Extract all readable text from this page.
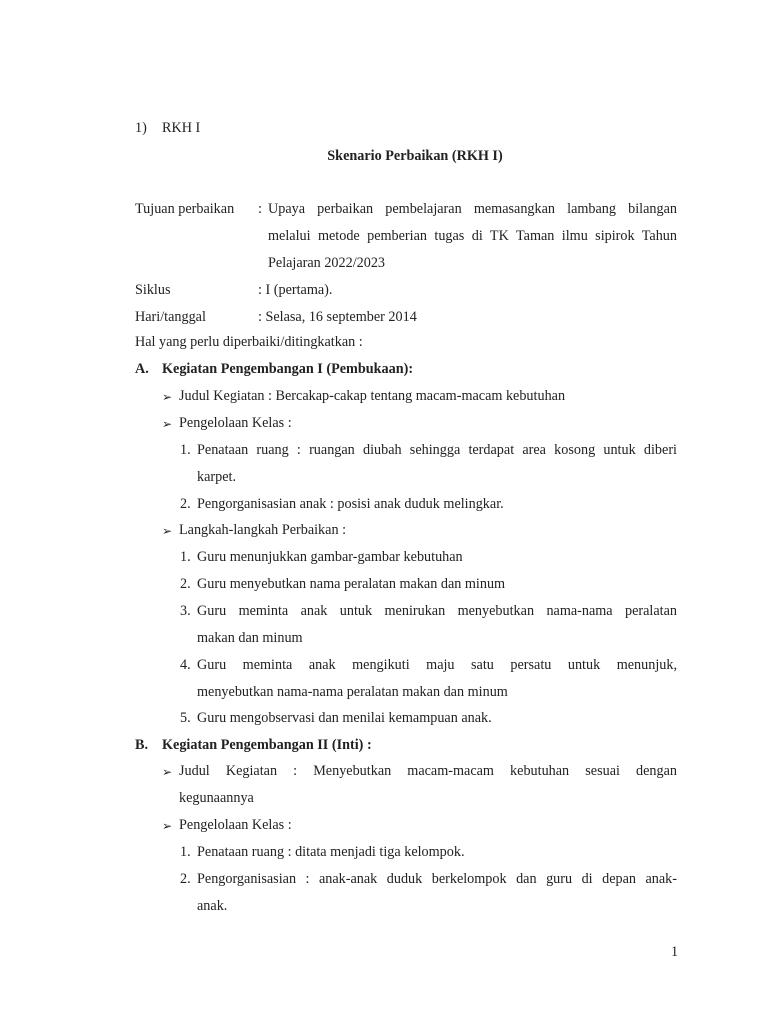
1) RKH I
Skenario Perbaikan (RKH I)
Tujuan perbaikan : Upaya perbaikan pembelajaran memasangkan lambang bilangan
melalui metode pemberian tugas di TK Taman ilmu sipirok Tahun
Pelajaran 2022/2023
Siklus	: I (pertama).
Hari/tanggal	: Selasa, 16 september 2014
Hal yang perlu diperbaiki/ditingkatkan :
A. Kegiatan Pengembangan I (Pembukaan):
➢ Judul Kegiatan : Bercakap-cakap tentang macam-macam kebutuhan
➢ Pengelolaan Kelas :
1. Penataan ruang : ruangan diubah sehingga terdapat area kosong untuk diberi
karpet.
2. Pengorganisasian anak : posisi anak duduk melingkar.
➢ Langkah-langkah Perbaikan :
1. Guru menunjukkan gambar-gambar kebutuhan
2. Guru menyebutkan nama peralatan makan dan minum
3. Guru meminta anak untuk menirukan menyebutkan nama-nama peralatan
makan dan minum
4. Guru meminta anak mengikuti maju satu persatu untuk menunjuk,
menyebutkan nama-nama peralatan makan dan minum
5. Guru mengobservasi dan menilai kemampuan anak.
B. Kegiatan Pengembangan II (Inti) :
➢ Judul Kegiatan : Menyebutkan macam-macam kebutuhan sesuai dengan
kegunaannya
➢ Pengelolaan Kelas :
1. Penataan ruang : ditata menjadi tiga kelompok.
2. Pengorganisasian : anak-anak duduk berkelompok dan guru di depan anak-
anak.
1
